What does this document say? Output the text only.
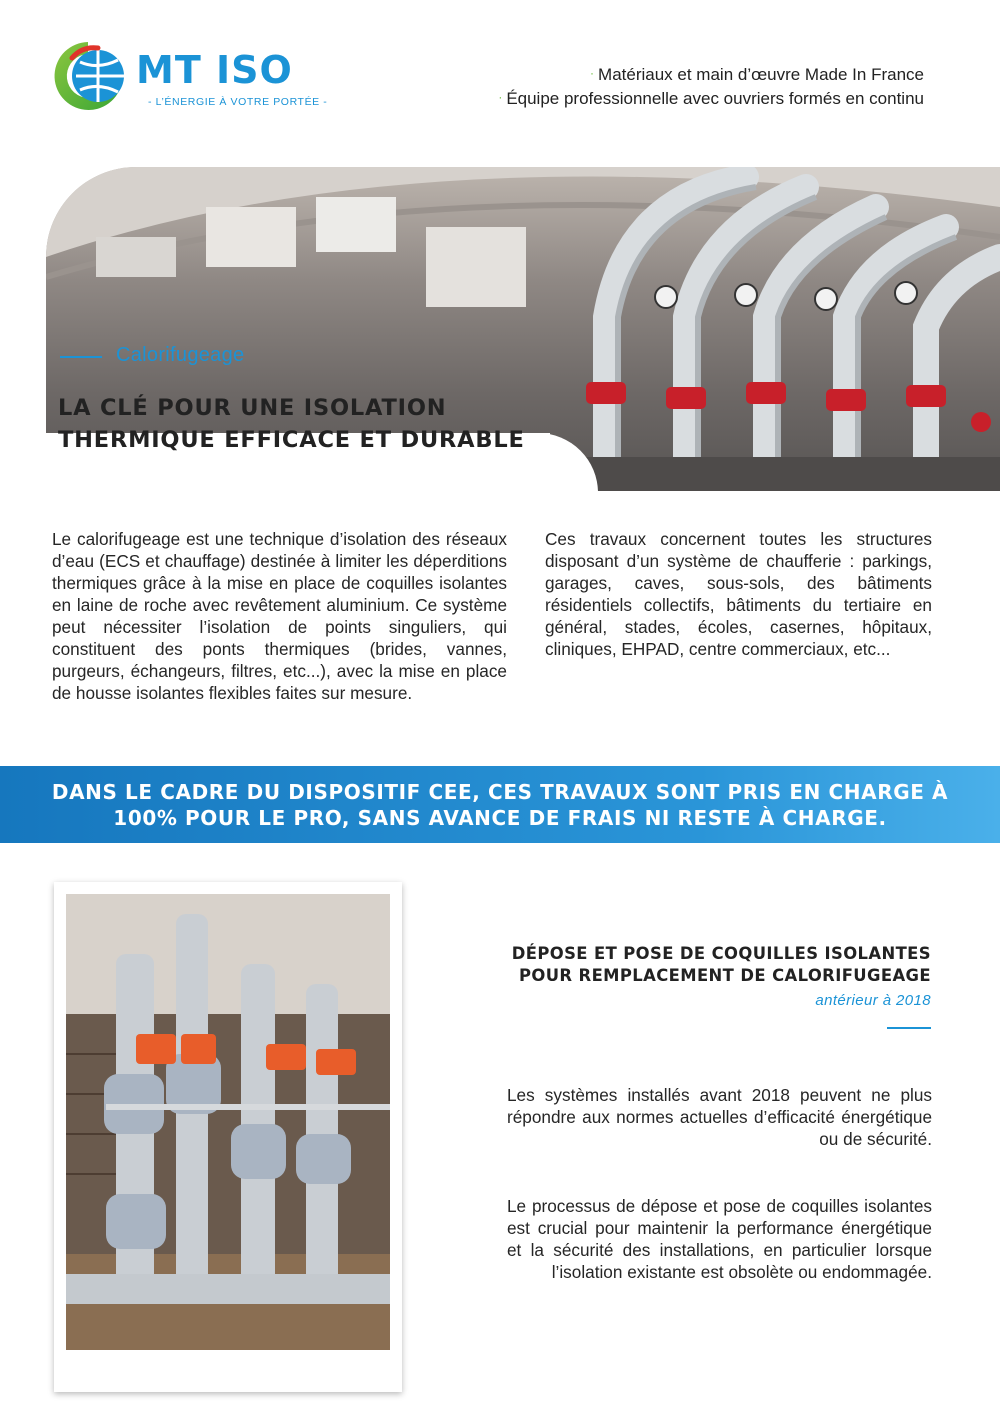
MT ISO
- L’ÉNERGIE À VOTRE PORTÉE -
· Matériaux et main d’œuvre Made In France
· Équipe professionnelle avec ouvriers formés en continu
Calorifugeage
LA CLÉ POUR UNE ISOLATION THERMIQUE EFFICACE ET DURABLE
Le calorifugeage est une technique d’isolation des réseaux d’eau (ECS et chauffage) destinée à limiter les déperditions thermiques grâce à la mise en place de coquilles isolantes en laine de roche avec revêtement aluminium. Ce système peut nécessiter l’isolation de points singuliers, qui constituent des ponts thermiques (brides, vannes, purgeurs, échangeurs, filtres, etc...), avec la mise en place de housse isolantes flexibles faites sur mesure.
Ces travaux concernent toutes les structures disposant d’un système de chaufferie : parkings, garages, caves, sous-sols, des bâtiments résidentiels collectifs, bâtiments du tertiaire en général, stades, écoles, casernes, hôpitaux, cliniques, EHPAD, centre commerciaux, etc...
DANS LE CADRE DU DISPOSITIF CEE, CES TRAVAUX SONT PRIS EN CHARGE À 100% POUR LE PRO, SANS AVANCE DE FRAIS NI RESTE À CHARGE.
DÉPOSE ET POSE DE COQUILLES ISOLANTES POUR REMPLACEMENT DE CALORIFUGEAGE
antérieur à 2018
Les systèmes installés avant 2018 peuvent ne plus répondre aux normes actuelles d’efficacité énergétique ou de sécurité.
Le processus de dépose et pose de coquilles isolantes est crucial pour maintenir la performance énergétique et la sécurité des installations, en particulier lorsque l’isolation existante est obsolète ou endommagée.
